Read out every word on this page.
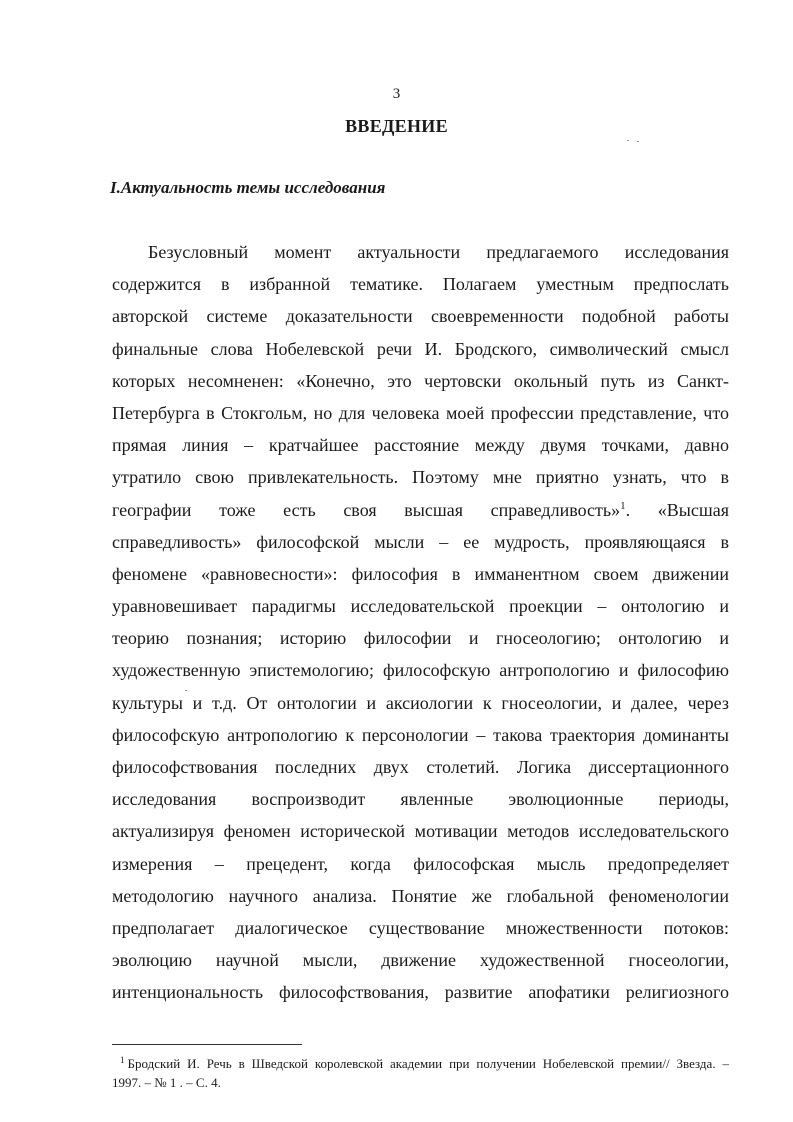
3
ВВЕДЕНИЕ
I.Актуальность темы исследования
Безусловный момент актуальности предлагаемого исследования
содержится в избранной тематике. Полагаем уместным предпослать
авторской системе доказательности своевременности подобной работы
финальные слова Нобелевской речи И. Бродского, символический смысл
которых несомненен: «Конечно, это чертовски окольный путь из Санкт-
Петербурга в Стокгольм, но для человека моей профессии представление, что
прямая линия – кратчайшее расстояние между двумя точками, давно
утратило свою привлекательность. Поэтому мне приятно узнать, что в
географии тоже есть своя высшая справедливость»$^1$. «Высшая
справедливость» философской мысли – ее мудрость, проявляющаяся в
феномене «равновесности»: философия в имманентном своем движении
уравновешивает парадигмы исследовательской проекции – онтологию и
теорию познания; историю философии и гносеологию; онтологию и
художественную эпистемологию; философскую антропологию и философию
культуры и т.д. От онтологии и аксиологии к гносеологии, и далее, через
философскую антропологию к персонологии – такова траектория доминанты
философствования последних двух столетий. Логика диссертационного
исследования воспроизводит явленные эволюционные периоды,
актуализируя феномен исторической мотивации методов исследовательского
измерения – прецедент, когда философская мысль предопределяет
методологию научного анализа. Понятие же глобальной феноменологии
предполагает диалогическое существование множественности потоков:
эволюцию научной мысли, движение художественной гносеологии,
интенциональность философствования, развитие апофатики религиозного
$^1$ Бродский И. Речь в Шведской королевской академии при получении Нобелевской премии// Звезда. –
1997. – № 1 . – С. 4.
